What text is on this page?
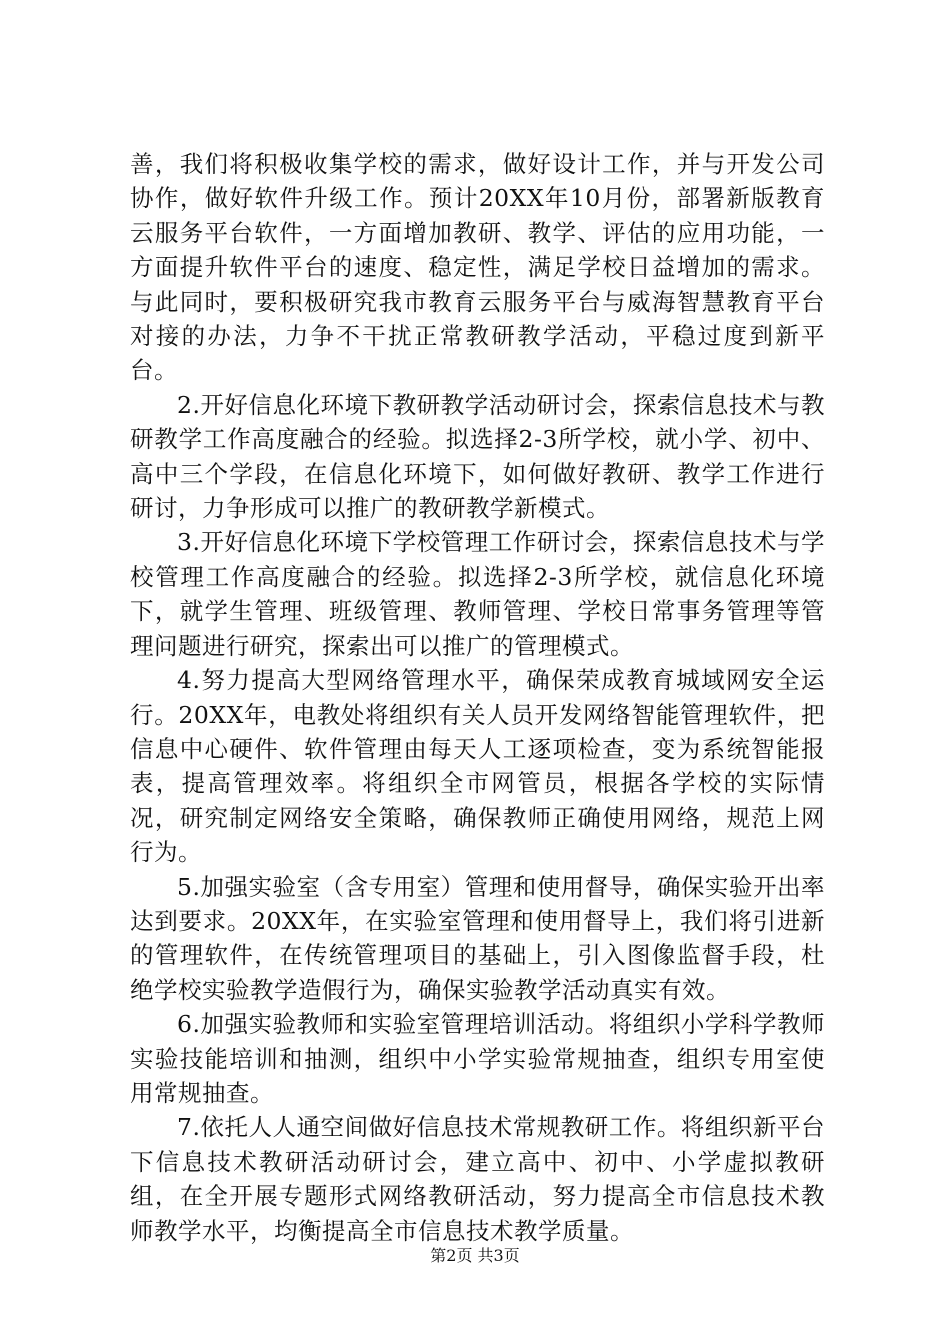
善，我们将积极收集学校的需求，做好设计工作，并与开发公司协作，做好软件升级工作。预计20XX年10月份，部署新版教育云服务平台软件，一方面增加教研、教学、评估的应用功能，一方面提升软件平台的速度、稳定性，满足学校日益增加的需求。与此同时，要积极研究我市教育云服务平台与威海智慧教育平台对接的办法，力争不干扰正常教研教学活动，平稳过度到新平台。

2.开好信息化环境下教研教学活动研讨会，探索信息技术与教研教学工作高度融合的经验。拟选择2-3所学校，就小学、初中、高中三个学段，在信息化环境下，如何做好教研、教学工作进行研讨，力争形成可以推广的教研教学新模式。

3.开好信息化环境下学校管理工作研讨会，探索信息技术与学校管理工作高度融合的经验。拟选择2-3所学校，就信息化环境下，就学生管理、班级管理、教师管理、学校日常事务管理等管理问题进行研究，探索出可以推广的管理模式。

4.努力提高大型网络管理水平，确保荣成教育城域网安全运行。20XX年，电教处将组织有关人员开发网络智能管理软件，把信息中心硬件、软件管理由每天人工逐项检查，变为系统智能报表，提高管理效率。将组织全市网管员，根据各学校的实际情况，研究制定网络安全策略，确保教师正确使用网络，规范上网行为。

5.加强实验室（含专用室）管理和使用督导，确保实验开出率达到要求。20XX年，在实验室管理和使用督导上，我们将引进新的管理软件，在传统管理项目的基础上，引入图像监督手段，杜绝学校实验教学造假行为，确保实验教学活动真实有效。

6.加强实验教师和实验室管理培训活动。将组织小学科学教师实验技能培训和抽测，组织中小学实验常规抽查，组织专用室使用常规抽查。

7.依托人人通空间做好信息技术常规教研工作。将组织新平台下信息技术教研活动研讨会，建立高中、初中、小学虚拟教研组，在全开展专题形式网络教研活动，努力提高全市信息技术教师教学水平，均衡提高全市信息技术教学质量。

第2页 共3页
